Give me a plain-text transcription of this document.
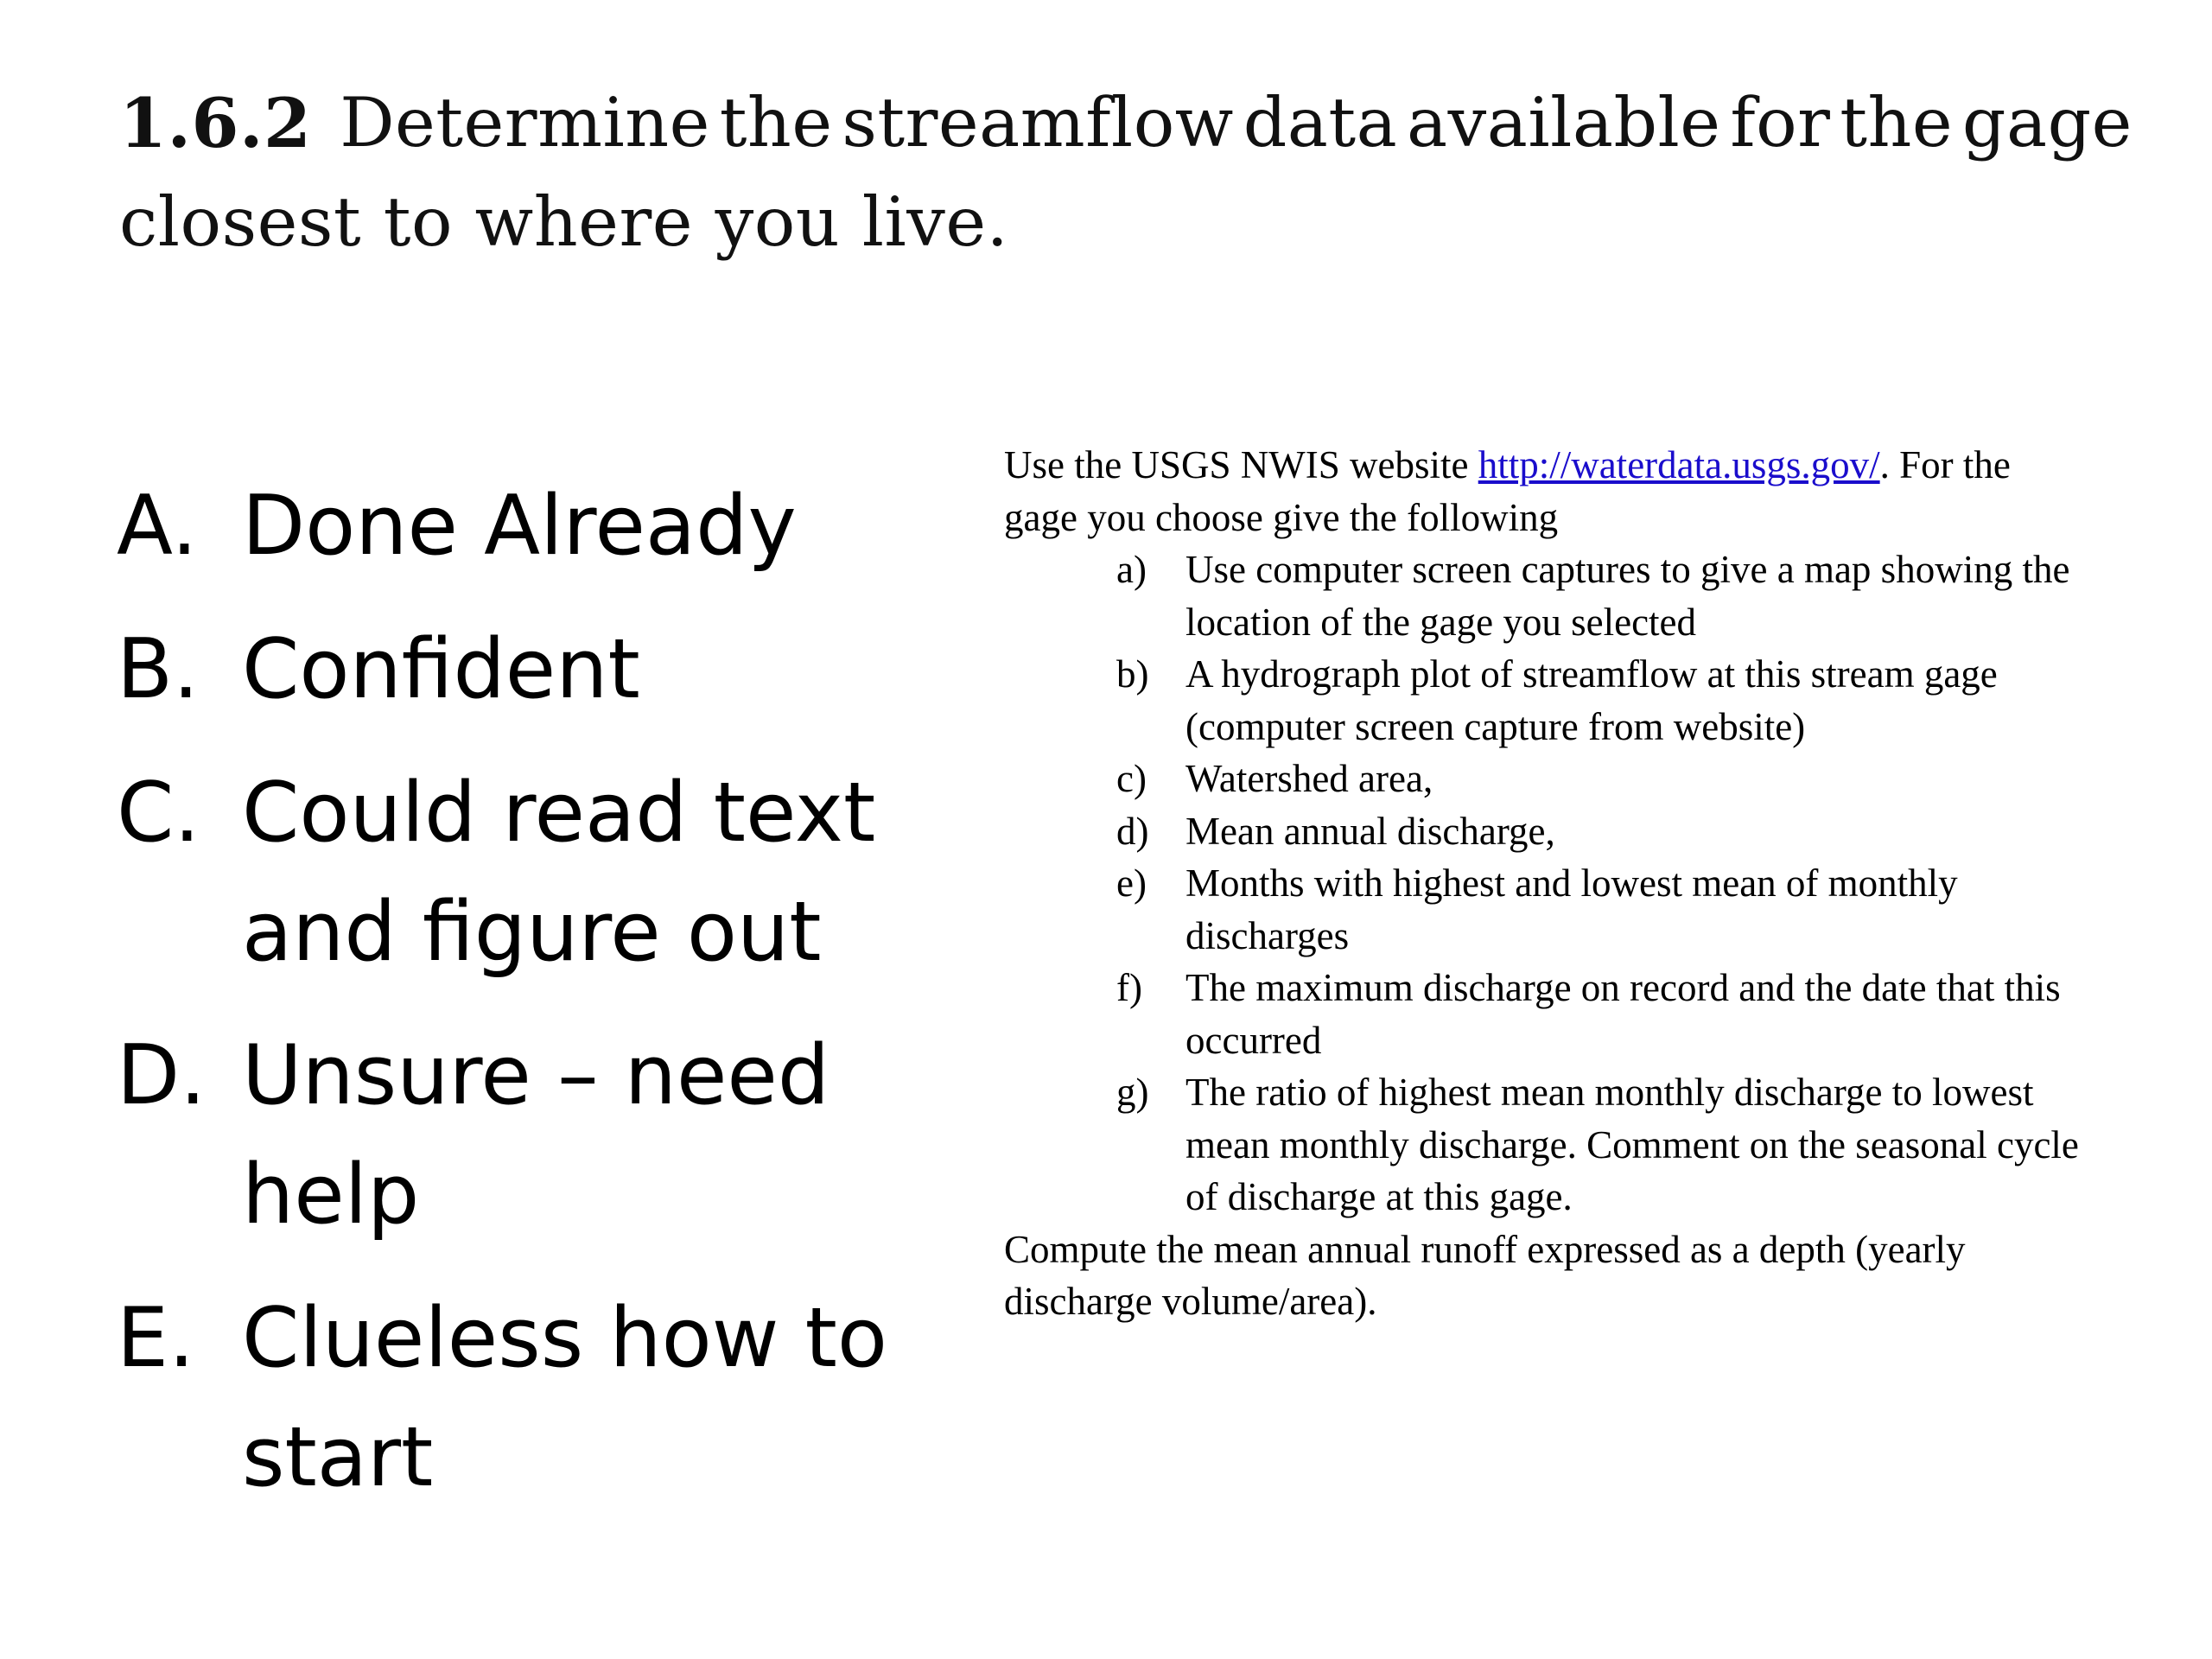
1.6.2 Determine the streamflow data available for the gage
closest to where you live.
A. Done Already
B. Confident
C. Could read text and figure out
D. Unsure – need help
E. Clueless how to start

Use the USGS NWIS website http://waterdata.usgs.gov/. For the gage you choose give the following

a)	Use computer screen captures to give a map showing the location of the gage you selected
b) A hydrograph plot of streamflow at this stream gage (computer screen capture from website)
c)	Watershed area,
d) Mean annual discharge,
e)	Months with highest and lowest mean of monthly discharges
f)	The maximum discharge on record and the date that this occurred
g) The ratio of highest mean monthly discharge to lowest mean monthly discharge. Comment on the seasonal cycle of discharge at this gage.

Compute the mean annual runoff expressed as a depth (yearly discharge volume/area).
